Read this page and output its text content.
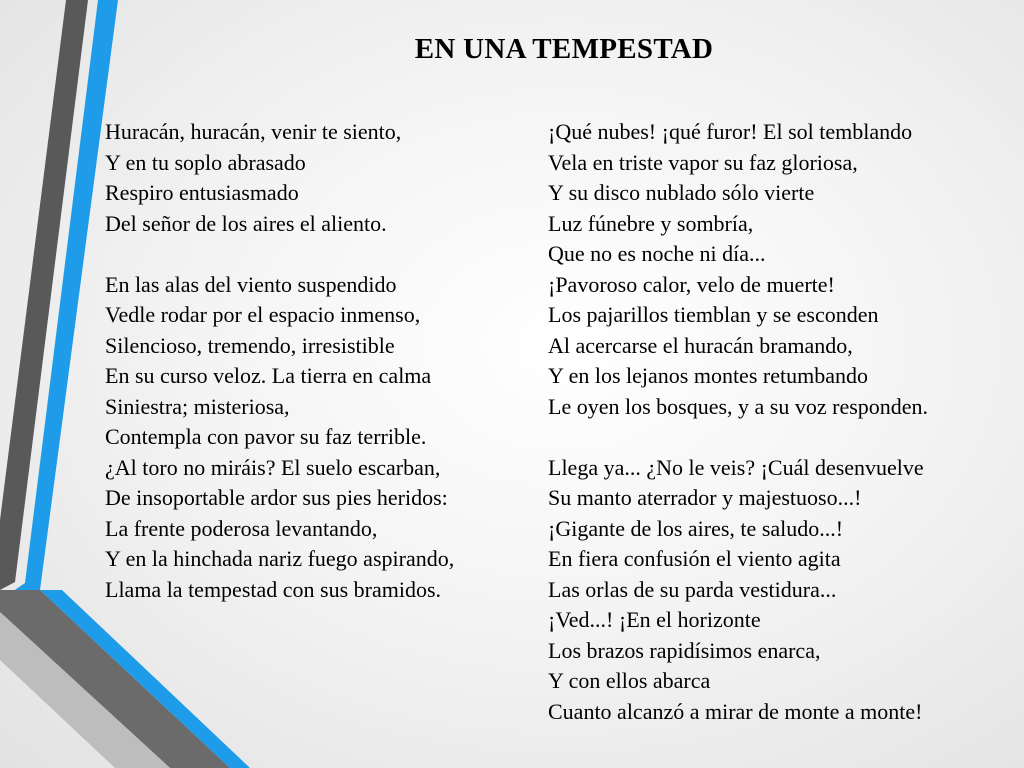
EN UNA TEMPESTAD
Huracán, huracán, venir te siento,
Y en tu soplo abrasado
Respiro entusiasmado
Del señor de los aires el aliento.
En las alas del viento suspendido
Vedle rodar por el espacio inmenso,
Silencioso, tremendo, irresistible
En su curso veloz. La tierra en calma
Siniestra; misteriosa,
Contempla con pavor su faz terrible.
¿Al toro no miráis? El suelo escarban,
De insoportable ardor sus pies heridos:
La frente poderosa levantando,
Y en la hinchada nariz fuego aspirando,
Llama la tempestad con sus bramidos.
¡Qué nubes! ¡qué furor! El sol temblando
Vela en triste vapor su faz gloriosa,
Y su disco nublado sólo vierte
Luz fúnebre y sombría,
Que no es noche ni día...
¡Pavoroso calor, velo de muerte!
Los pajarillos tiemblan y se esconden
Al acercarse el huracán bramando,
Y en los lejanos montes retumbando
Le oyen los bosques, y a su voz responden.
Llega ya... ¿No le veis? ¡Cuál desenvuelve
Su manto aterrador y majestuoso...!
¡Gigante de los aires, te saludo...!
En fiera confusión el viento agita
Las orlas de su parda vestidura...
¡Ved...! ¡En el horizonte
Los brazos rapidísimos enarca,
Y con ellos abarca
Cuanto alcanzó a mirar de monte a monte!
